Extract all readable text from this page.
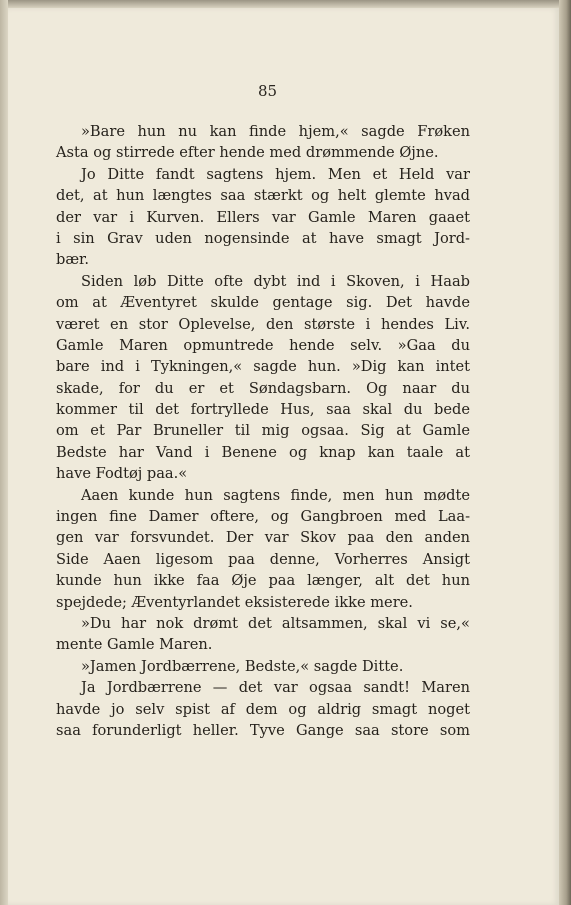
85
»Bare hun nu kan finde hjem,« sagde Frøken
Asta og stirrede efter hende med drømmende Øjne.
Jo Ditte fandt sagtens hjem. Men et Held var
det, at hun længtes saa stærkt og helt glemte hvad
der var i Kurven. Ellers var Gamle Maren gaaet
i sin Grav uden nogensinde at have smagt Jord-
bær.
Siden løb Ditte ofte dybt ind i Skoven, i Haab
om at Æventyret skulde gentage sig. Det havde
været en stor Oplevelse, den største i hendes Liv.
Gamle Maren opmuntrede hende selv. »Gaa du
bare ind i Tykningen,« sagde hun. »Dig kan intet
skade, for du er et Søndagsbarn. Og naar du
kommer til det fortryllede Hus, saa skal du bede
om et Par Bruneller til mig ogsaa. Sig at Gamle
Bedste har Vand i Benene og knap kan taale at
have Fodtøj paa.«
Aaen kunde hun sagtens finde, men hun mødte
ingen fine Damer oftere, og Gangbroen med Laa-
gen var forsvundet. Der var Skov paa den anden
Side Aaen ligesom paa denne, Vorherres Ansigt
kunde hun ikke faa Øje paa længer, alt det hun
spejdede; Æventyrlandet eksisterede ikke mere.
»Du har nok drømt det altsammen, skal vi se,«
mente Gamle Maren.
»Jamen Jordbærrene, Bedste,« sagde Ditte.
Ja Jordbærrene — det var ogsaa sandt! Maren
havde jo selv spist af dem og aldrig smagt noget
saa forunderligt heller. Tyve Gange saa store som
